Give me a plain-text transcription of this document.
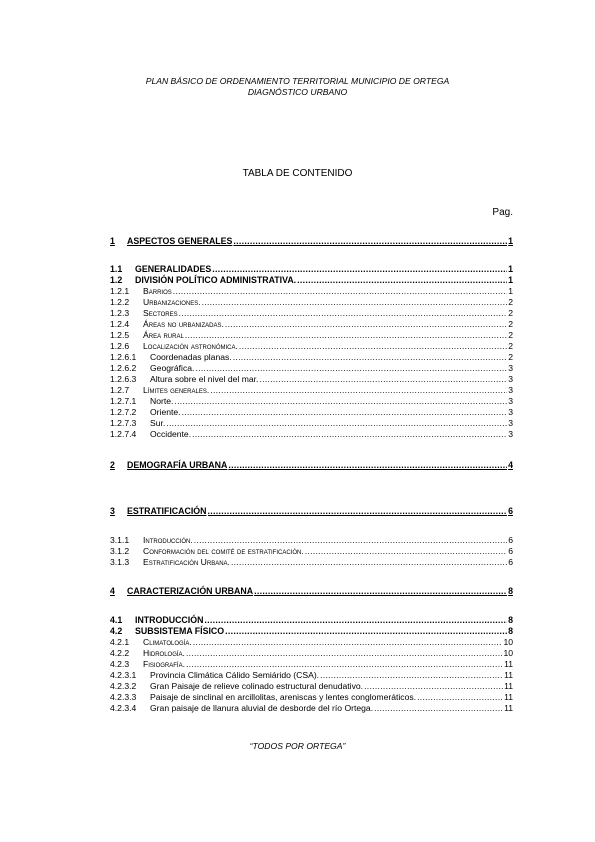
PLAN BÁSICO DE ORDENAMIENTO TERRITORIAL MUNICIPIO DE ORTEGA
DIAGNÓSTICO URBANO
TABLA DE CONTENIDO
Pag.
1	ASPECTOS GENERALES .....	1
1.1	GENERALIDADES .....	1
1.2	DIVISIÓN POLÍTICO ADMINISTRATIVA. .....	1
1.2.1	Barrios .....	1
1.2.2	Urbanizaciones. .....	2
1.2.3	Sectores .....	2
1.2.4	Áreas no urbanizadas. .....	2
1.2.5	Área rural .....	2
1.2.6	Localización astronómica. .....	2
1.2.6.1	Coordenadas planas. .....	2
1.2.6.2	Geográfica. .....	3
1.2.6.3	Altura sobre el nivel del mar. .....	3
1.2.7	Límites generales. .....	3
1.2.7.1	Norte. .....	3
1.2.7.2	Oriente. .....	3
1.2.7.3	Sur. .....	3
1.2.7.4	Occidente. .....	3
2	DEMOGRAFÍA URBANA .....	4
3	ESTRATIFICACIÓN .....	6
3.1.1	Introducción. .....	6
3.1.2	Conformación del comité de estratificación. .....	6
3.1.3	Estratificación Urbana. .....	6
4	CARACTERIZACIÓN URBANA .....	8
4.1	INTRODUCCIÓN .....	8
4.2	SUBSISTEMA FÍSICO .....	8
4.2.1	Climatología. .....	10
4.2.2	Hidrología. .....	10
4.2.3	Fisiografía. .....	11
4.2.3.1	Provincia Climática Cálido Semiárido (CSA). .....	11
4.2.3.2	Gran Paisaje de relieve colinado estructural denudativo. .....	11
4.2.3.3	Paisaje de sinclinal en arcillolitas, areniscas y lentes conglomeráticos. .....	11
4.2.3.4	Gran paisaje de llanura aluvial de desborde del río Ortega. .....	11
“TODOS POR ORTEGA”
